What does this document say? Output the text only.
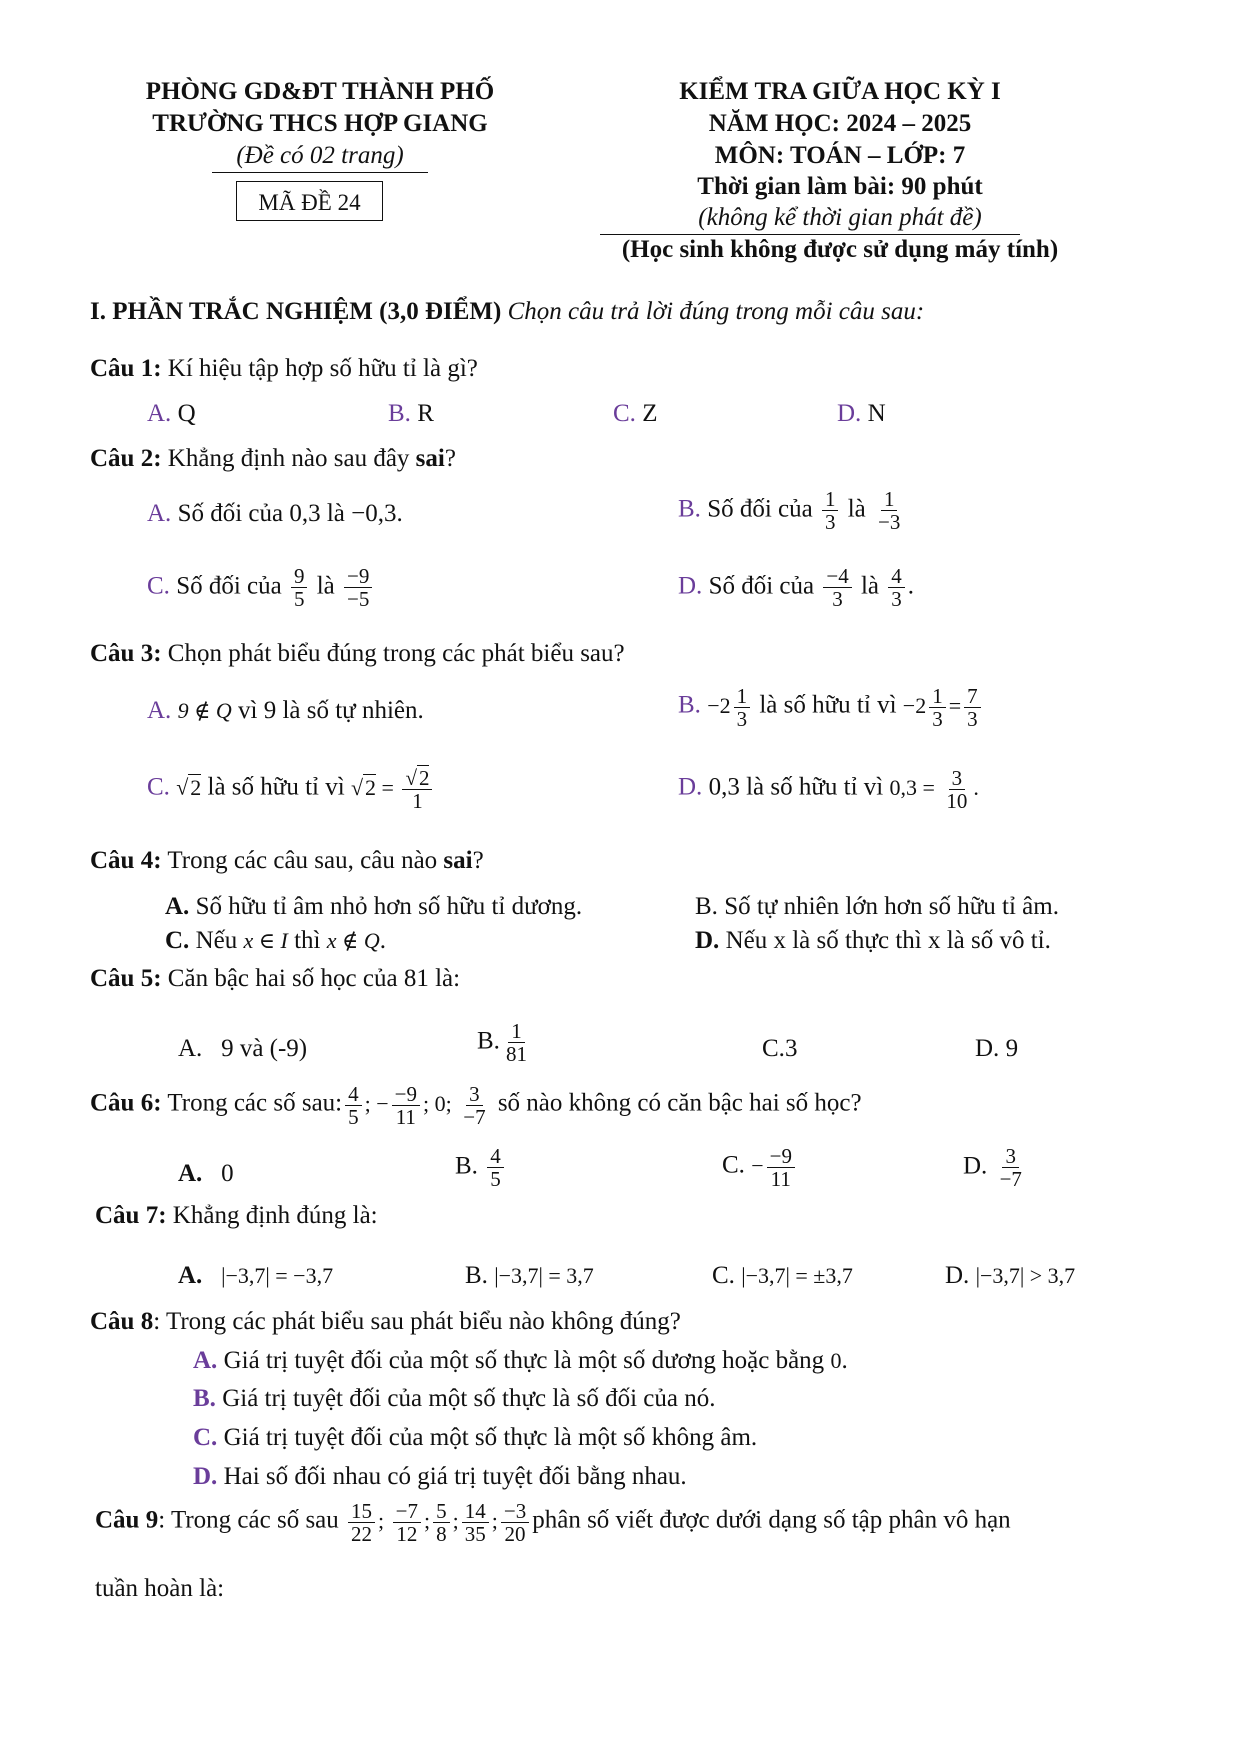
PHÒNG GD&ĐT THÀNH PHỐ
TRƯỜNG THCS HỢP GIANG
(Đề có 02 trang)
MÃ ĐỀ 24
KIỂM TRA GIỮA HỌC KỲ I
NĂM HỌC: 2024 – 2025
MÔN: TOÁN – LỚP: 7
Thời gian làm bài: 90 phút
(không kể thời gian phát đề)
(Học sinh không được sử dụng máy tính)
I. PHẦN TRẮC NGHIỆM (3,0 ĐIỂM) Chọn câu trả lời đúng trong mỗi câu sau:
Câu 1: Kí hiệu tập hợp số hữu tỉ là gì?
A. Q	B. R	C. Z	D. N
Câu 2: Khẳng định nào sau đây sai?
A. Số đối của 0,3 là −0,3.	B. Số đối của $\frac{1}{3}$ là $\frac{1}{-3}$
C. Số đối của $\frac{9}{5}$ là $\frac{-9}{-5}$	D. Số đối của $\frac{-4}{3}$ là $\frac{4}{3}$ .
Câu 3: Chọn phát biểu đúng trong các phát biểu sau?
A. 9 ∉ Q vì 9 là số tự nhiên.	B. $-2 \frac{1}{3}$ là số hữu tỉ vì $-2 \frac{1}{3} = \frac{7}{3}$
C. √2 là số hữu tỉ vì $√2 = \frac{√2}{1}$	D. 0,3 là số hữu tỉ vì $0,3 = \frac{3}{10}$ .
Câu 4: Trong các câu sau, câu nào sai?
A. Số hữu tỉ âm nhỏ hơn số hữu tỉ dương.	B. Số tự nhiên lớn hơn số hữu tỉ âm.
C. Nếu x ∈ I thì x ∉ Q.	D. Nếu x là số thực thì x là số vô tỉ.
Câu 5: Căn bậc hai số học của 81 là:
A. 9 và (-9)	B. $\frac{1}{81}$	C.3	D. 9
Câu 6: Trong các số sau: $\frac{4}{5}$ ; − $\frac{-9}{11}$ ; 0; $\frac{3}{-7}$ số nào không có căn bậc hai số học?
A. 0	B. $\frac{4}{5}$	C. − $\frac{-9}{11}$	D. $\frac{3}{-7}$
Câu 7: Khẳng định đúng là:
A. |−3,7| = −3,7	B. |−3,7| = 3,7	C. |−3,7| = ±3,7	D. |−3,7| > 3,7
Câu 8: Trong các phát biểu sau phát biểu nào không đúng?
A. Giá trị tuyệt đối của một số thực là một số dương hoặc bằng 0.
B. Giá trị tuyệt đối của một số thực là số đối của nó.
C. Giá trị tuyệt đối của một số thực là một số không âm.
D. Hai số đối nhau có giá trị tuyệt đối bằng nhau.
Câu 9: Trong các số sau $\frac{15}{22}$ ; $\frac{-7}{12}$ ; $\frac{5}{8}$ ; $\frac{14}{35}$ ; $\frac{-3}{20}$ phân số viết được dưới dạng số tập phân vô hạn
tuần hoàn là:
